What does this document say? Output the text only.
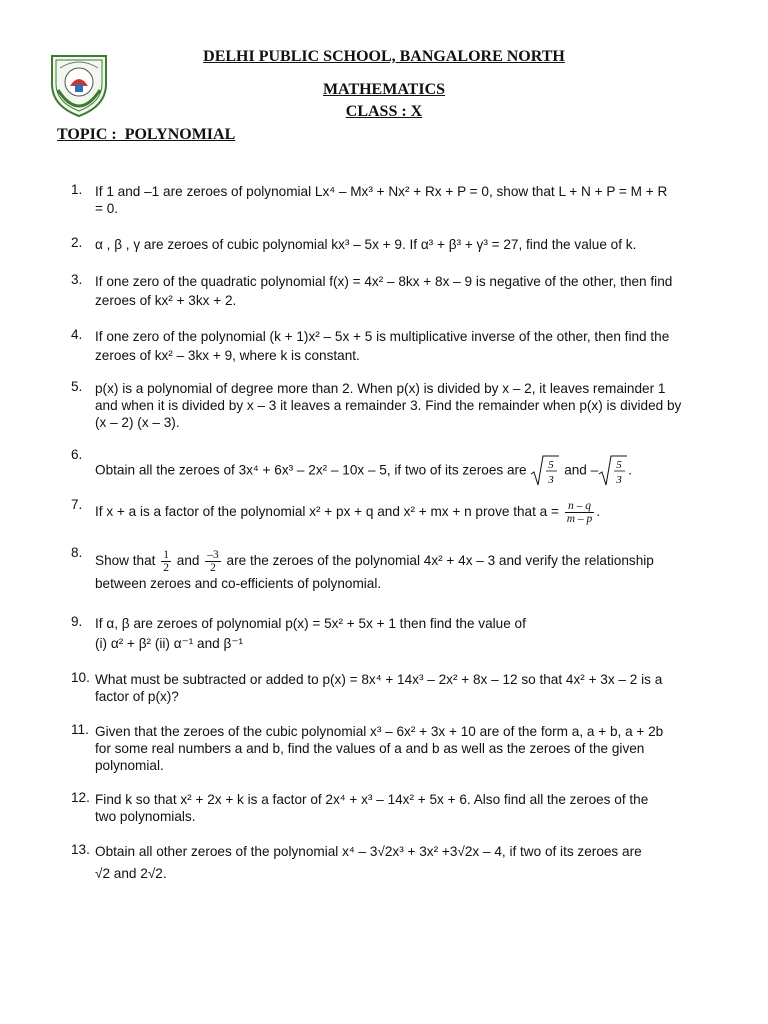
DELHI PUBLIC SCHOOL, BANGALORE NORTH
MATHEMATICS
CLASS : X
TOPIC :  POLYNOMIAL
1. If 1 and –1 are zeroes of polynomial Lx⁴ – Mx³ + Nx² + Rx + P = 0, show that L + N + P = M + R
= 0.
2. α , β , γ are zeroes of cubic polynomial kx³ – 5x + 9. If α³ + β³ + γ³ = 27, find the value of k.
3. If one zero of the quadratic polynomial f(x) = 4x² – 8kx + 8x – 9 is negative of the other, then find
zeroes of kx² + 3kx + 2.
4. If one zero of the polynomial (k + 1)x² – 5x + 5 is multiplicative inverse of the other, then find the
zeroes of kx² – 3kx + 9, where k is constant.
5. p(x) is a polynomial of degree more than 2. When p(x) is divided by x – 2, it leaves remainder 1
and when it is divided by x – 3 it leaves a remainder 3. Find the remainder when p(x) is divided by
(x – 2) (x – 3).
6.
Obtain all the zeroes of 3x⁴ + 6x³ – 2x² – 10x – 5, if two of its zeroes are 5
3
and – 5
3
.
7. If x + a is a factor of the polynomial x² + px + q and x² + mx + n prove that $a = \frac{n - q}{m - p}$ .
8.
Show that $\frac{1}{2}$ and $\frac{-3}{2}$ are the zeroes of the polynomial 4x² + 4x – 3 and verify the relationship
between zeroes and co-efficients of polynomial.
9. If α, β are zeroes of polynomial p(x) = 5x² + 5x + 1 then find the value of
(i) α² + β² (ii) α⁻¹ and β⁻¹
10. What must be subtracted or added to p(x) = 8x⁴ + 14x³ – 2x² + 8x – 12 so that 4x² + 3x – 2 is a
factor of p(x)?
11. Given that the zeroes of the cubic polynomial x³ – 6x² + 3x + 10 are of the form a, a + b, a + 2b
for some real numbers a and b, find the values of a and b as well as the zeroes of the given
polynomial.
12. Find k so that x² + 2x + k is a factor of 2x⁴ + x³ – 14x² + 5x + 6. Also find all the zeroes of the
two polynomials.
13. Obtain all other zeroes of the polynomial x⁴ – 3√2x³ + 3x² +3√2x – 4, if two of its zeroes are
√2 and 2√2.
